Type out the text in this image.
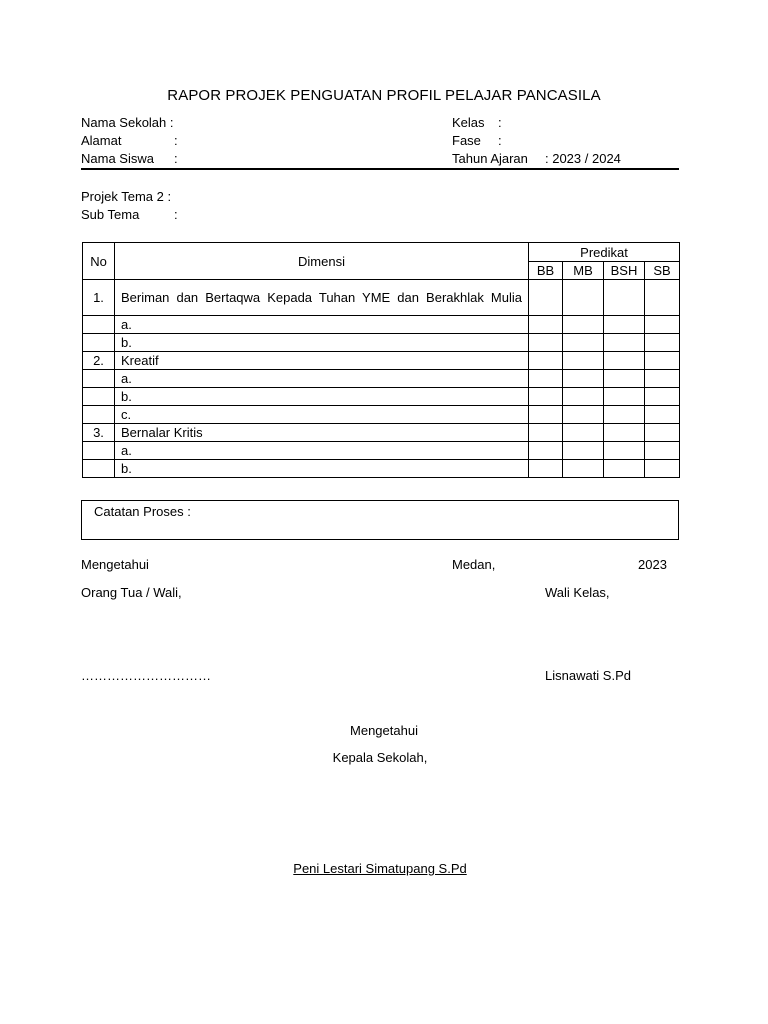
RAPOR PROJEK PENGUATAN PROFIL PELAJAR PANCASILA
Nama Sekolah :
Alamat	:
Nama Siswa :
Kelas :
Fase :
Tahun Ajaran : 2023 / 2024
Projek Tema 2 :
Sub Tema	:
No	Dimensi	Predikat			
		BB	MB	BSH	SB
1.	Beriman dan Bertaqwa Kepada Tuhan YME dan Berakhlak Mulia				
	a.				
	b.				
2.	Kreatif				
	a.				
	b.				
	c.				
3.	Bernalar Kritis				
	a.				
	b.				
Catatan Proses :
Mengetahui	Medan,	2023
Orang Tua / Wali,	Wali Kelas,
…………………………	Lisnawati S.Pd
Mengetahui
Kepala Sekolah,
Peni Lestari Simatupang S.Pd
